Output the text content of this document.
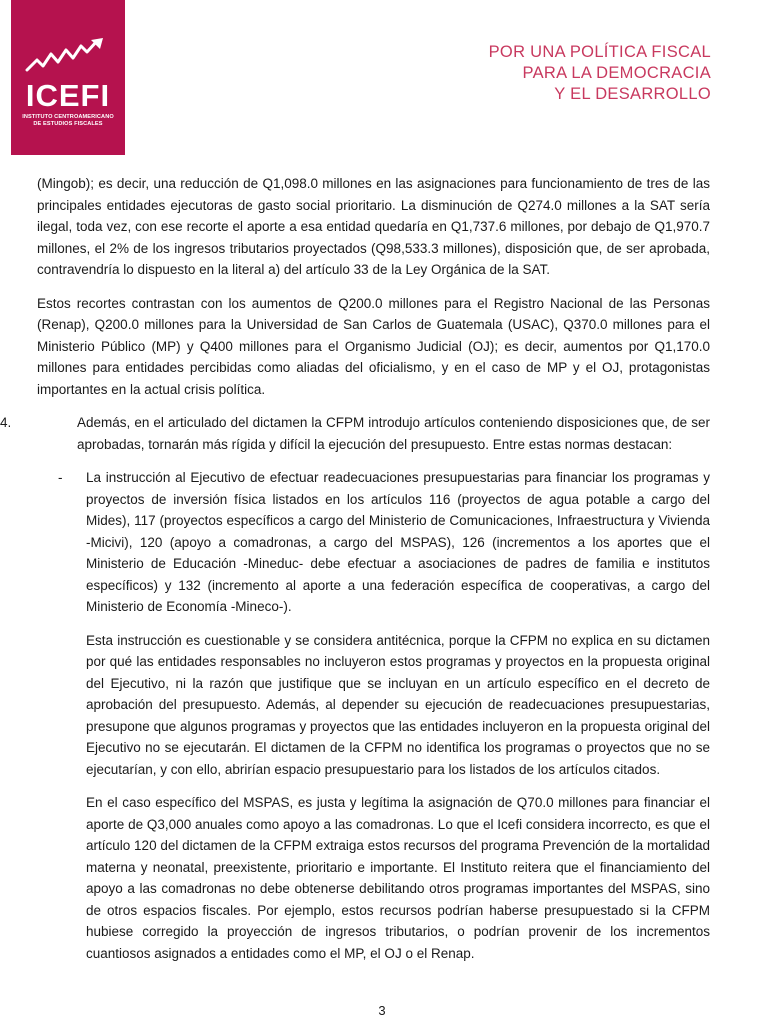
ICEFI
INSTITUTO CENTROAMERICANO
DE ESTUDIOS FISCALES
POR UNA POLÍTICA FISCAL
PARA LA DEMOCRACIA
Y EL DESARROLLO

(Mingob); es decir, una reducción de Q1,098.0 millones en las asignaciones para funcionamiento de tres de las principales entidades ejecutoras de gasto social prioritario. La disminución de Q274.0 millones a la SAT sería ilegal, toda vez, con ese recorte el aporte a esa entidad quedaría en Q1,737.6 millones, por debajo de Q1,970.7 millones, el 2% de los ingresos tributarios proyectados (Q98,533.3 millones), disposición que, de ser aprobada, contravendría lo dispuesto en la literal a) del artículo 33 de la Ley Orgánica de la SAT.

Estos recortes contrastan con los aumentos de Q200.0 millones para el Registro Nacional de las Personas (Renap), Q200.0 millones para la Universidad de San Carlos de Guatemala (USAC), Q370.0 millones para el Ministerio Público (MP) y Q400 millones para el Organismo Judicial (OJ); es decir, aumentos por Q1,170.0 millones para entidades percibidas como aliadas del oficialismo, y en el caso de MP y el OJ, protagonistas importantes en la actual crisis política.

4.	Además, en el articulado del dictamen la CFPM introdujo artículos conteniendo disposiciones que, de ser aprobadas, tornarán más rígida y difícil la ejecución del presupuesto. Entre estas normas destacan:

- La instrucción al Ejecutivo de efectuar readecuaciones presupuestarias para financiar los programas y proyectos de inversión física listados en los artículos 116 (proyectos de agua potable a cargo del Mides), 117 (proyectos específicos a cargo del Ministerio de Comunicaciones, Infraestructura y Vivienda -Micivi), 120 (apoyo a comadronas, a cargo del MSPAS), 126 (incrementos a los aportes que el Ministerio de Educación -Mineduc- debe efectuar a asociaciones de padres de familia e institutos específicos) y 132 (incremento al aporte a una federación específica de cooperativas, a cargo del Ministerio de Economía -Mineco-).

Esta instrucción es cuestionable y se considera antitécnica, porque la CFPM no explica en su dictamen por qué las entidades responsables no incluyeron estos programas y proyectos en la propuesta original del Ejecutivo, ni la razón que justifique que se incluyan en un artículo específico en el decreto de aprobación del presupuesto. Además, al depender su ejecución de readecuaciones presupuestarias, presupone que algunos programas y proyectos que las entidades incluyeron en la propuesta original del Ejecutivo no se ejecutarán. El dictamen de la CFPM no identifica los programas o proyectos que no se ejecutarían, y con ello, abrirían espacio presupuestario para los listados de los artículos citados.

En el caso específico del MSPAS, es justa y legítima la asignación de Q70.0 millones para financiar el aporte de Q3,000 anuales como apoyo a las comadronas. Lo que el Icefi considera incorrecto, es que el artículo 120 del dictamen de la CFPM extraiga estos recursos del programa Prevención de la mortalidad materna y neonatal, preexistente, prioritario e importante. El Instituto reitera que el financiamiento del apoyo a las comadronas no debe obtenerse debilitando otros programas importantes del MSPAS, sino de otros espacios fiscales. Por ejemplo, estos recursos podrían haberse presupuestado si la CFPM hubiese corregido la proyección de ingresos tributarios, o podrían provenir de los incrementos cuantiosos asignados a entidades como el MP, el OJ o el Renap.

3
